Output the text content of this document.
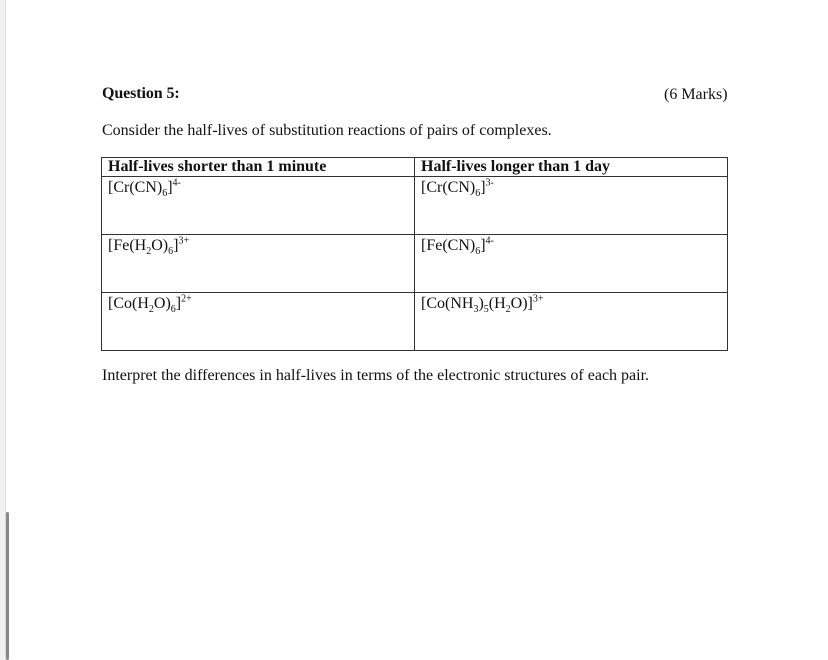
Question 5:	(6 Marks)
Consider the half-lives of substitution reactions of pairs of complexes.
Half-lives shorter than 1 minute	Half-lives longer than 1 day
$[Cr(CN)_6]^{4-}$	$[Cr(CN)_6]^{3-}$
$[Fe(H_2O)_6]^{3+}$	$[Fe(CN)_6]^{4-}$
$[Co(H_2O)_6]^{2+}$	$[Co(NH_3)_5(H_2O)]^{3+}$
Interpret the differences in half-lives in terms of the electronic structures of each pair.
